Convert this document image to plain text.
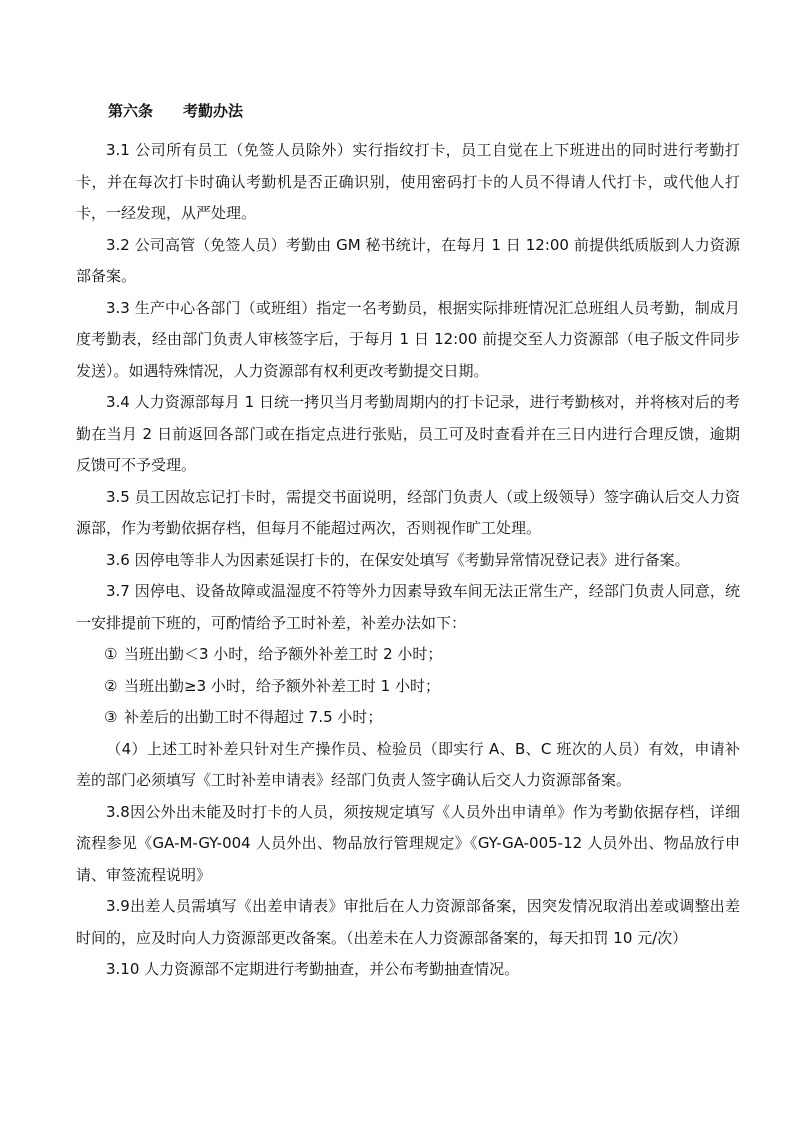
第六条 考勤办法

3.1 公司所有员工（免签人员除外）实行指纹打卡，员工自觉在上下班进出的同时进行考勤打卡，并在每次打卡时确认考勤机是否正确识别，使用密码打卡的人员不得请人代打卡，或代他人打卡，一经发现，从严处理。

3.2 公司高管（免签人员）考勤由 GM 秘书统计，在每月 1 日 12:00 前提供纸质版到人力资源部备案。

3.3 生产中心各部门（或班组）指定一名考勤员，根据实际排班情况汇总班组人员考勤，制成月度考勤表，经由部门负责人审核签字后，于每月 1 日 12:00 前提交至人力资源部（电子版文件同步发送）。如遇特殊情况，人力资源部有权利更改考勤提交日期。

3.4 人力资源部每月 1 日统一拷贝当月考勤周期内的打卡记录，进行考勤核对，并将核对后的考勤在当月 2 日前返回各部门或在指定点进行张贴，员工可及时查看并在三日内进行合理反馈，逾期反馈可不予受理。

3.5 员工因故忘记打卡时，需提交书面说明，经部门负责人（或上级领导）签字确认后交人力资源部，作为考勤依据存档，但每月不能超过两次，否则视作旷工处理。

3.6 因停电等非人为因素延误打卡的，在保安处填写《考勤异常情况登记表》进行备案。

3.7 因停电、设备故障或温湿度不符等外力因素导致车间无法正常生产，经部门负责人同意，统一安排提前下班的，可酌情给予工时补差，补差办法如下：

① 当班出勤＜3 小时，给予额外补差工时 2 小时；

② 当班出勤≥3 小时，给予额外补差工时 1 小时；

③ 补差后的出勤工时不得超过 7.5 小时；

（4）上述工时补差只针对生产操作员、检验员（即实行 A、B、C 班次的人员）有效，申请补差的部门必须填写《工时补差申请表》经部门负责人签字确认后交人力资源部备案。

3.8因公外出未能及时打卡的人员，须按规定填写《人员外出申请单》作为考勤依据存档，详细流程参见《GA-M-GY-004 人员外出、物品放行管理规定》《GY-GA-005-12 人员外出、物品放行申请、审签流程说明》

3.9出差人员需填写《出差申请表》审批后在人力资源部备案，因突发情况取消出差或调整出差时间的，应及时向人力资源部更改备案。（出差未在人力资源部备案的，每天扣罚 10 元/次）

3.10 人力资源部不定期进行考勤抽查，并公布考勤抽查情况。
